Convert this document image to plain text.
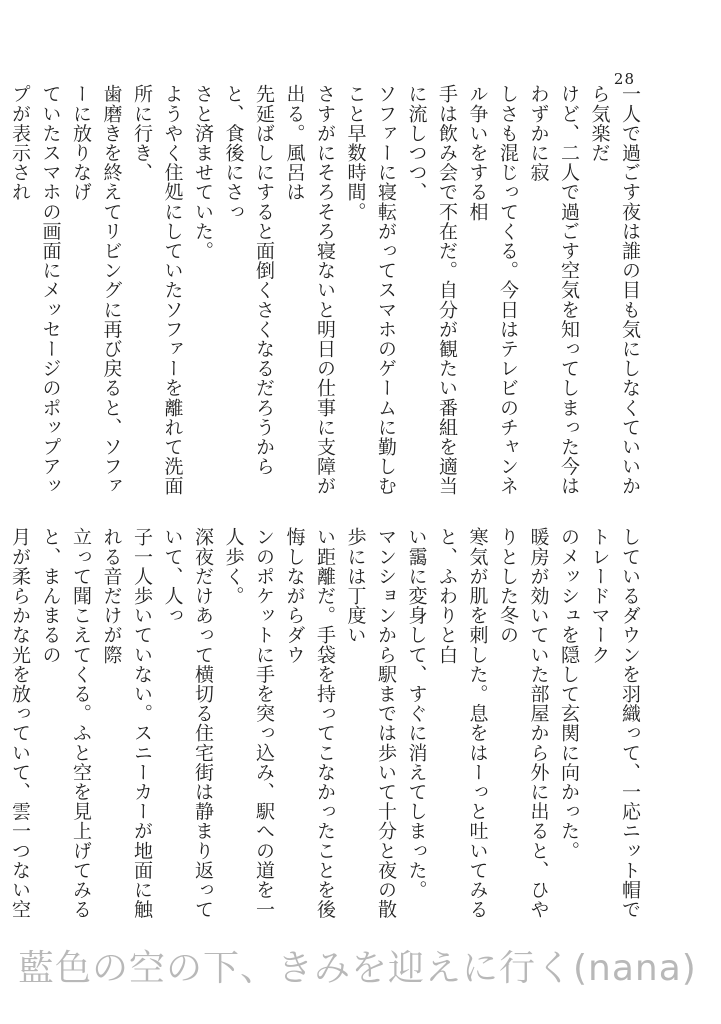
28

一人で過ごす夜は誰の目も気にしなくていいから気楽だ
けど、二人で過ごす空気を知ってしまった今はわずかに寂
しさも混じってくる。今日はテレビのチャンネル争いをする相
手は飲み会で不在だ。自分が観たい番組を適当に流しつつ、
ソファーに寝転がってスマホのゲームに勤しむこと早数時間。
さすがにそろそろ寝ないと明日の仕事に支障が出る。風呂は
先延ばしにすると面倒くさくなるだろうからと、食後にさっ
さと済ませていた。

ようやく住処にしていたソファーを離れて洗面所に行き、
歯磨きを終えてリビングに再び戻ると、ソファーに放りなげ
ていたスマホの画面にメッセージのポップアップが表示され

しているダウンを羽織って、一応ニット帽でトレードマーク
のメッシュを隠して玄関に向かった。

暖房が効いていた部屋から外に出ると、ひやりとした冬の
寒気が肌を刺した。息をはーっと吐いてみると、ふわりと白
い靄に変身して、すぐに消えてしまった。

マンションから駅までは歩いて十分と夜の散歩には丁度い
い距離だ。手袋を持ってこなかったことを後悔しながらダウ
ンのポケットに手を突っ込み、駅への道を一人歩く。

深夜だけあって横切る住宅街は静まり返っていて、人っ
子一人歩いていない。スニーカーが地面に触れる音だけが際
立って聞こえてくる。ふと空を見上げてみると、まんまるの
月が柔らかな光を放っていて、雲一つない空

藍色の空の下、きみを迎えに行く(nana)
